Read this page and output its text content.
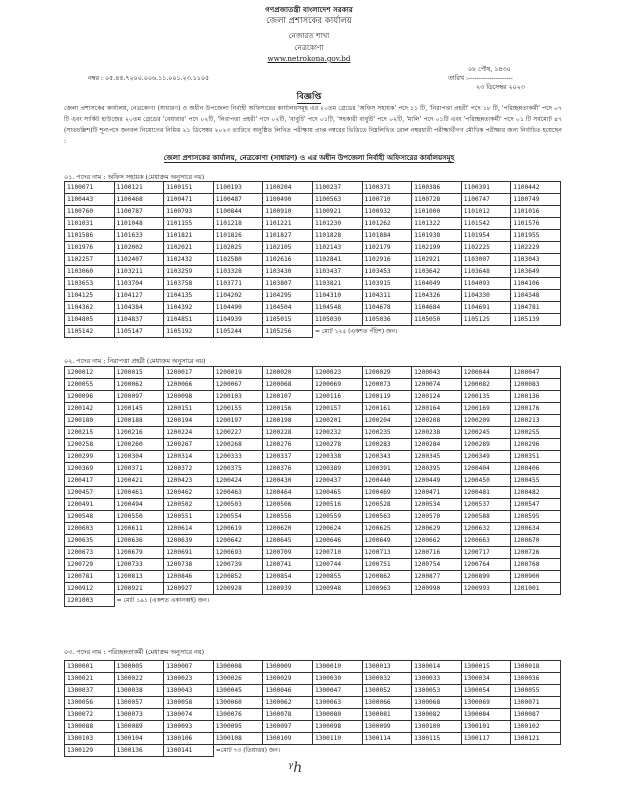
গণপ্রজাতন্ত্রী বাংলাদেশ সরকার
জেলা প্রশাসকের কার্যালয়
নেজারত শাখা
নেত্রকোণা
www.netrokona.gov.bd
০৮ পৌষ, ১৪৩০
নম্বর : ০৫.৪৫.৭২০০.০০৬.১১.০০১.২৩.১১০৫	তারিখ :---------------------
২৩ ডিসেম্বর ২০২৩
বিজ্ঞপ্তি
জেলা প্রশাসকের কার্যালয়, নেত্রকোণা (সাধারণ) ও অধীন উপজেলা নির্বাহী অফিসারের কার্যালয়সমূহ এর ২০তম গ্রেডের 'অফিস সহায়ক' পদে ১১ টি, 'নিরাপত্তা প্রহরী' পদে ১৮ টি, 'পরিচ্ছন্নতাকর্মী' পদে ০৭ টি এবং সার্কিট হাউজের ২০তম গ্রেডের 'বেয়ারার' পদে ০২টি, 'নিরাপত্তা প্রহরী' পদে ০২টি, 'বাবুর্চি' পদে ০১টি, 'সহকারী বাবুর্চি' পদে ০২টি, 'মালি' পদে ০১টি এবং 'পরিচ্ছন্নতাকর্মী' পদে ০১ টি সর্বমোট ৪৭ (সাতচল্লিশ)টি শূন্যপদে জনবল নিয়োগের নিমিত্ত ২১ ডিসেম্বর ২০২৩ তারিখে অনুষ্ঠিত লিখিত পরীক্ষায় প্রাপ্ত নম্বরের ভিত্তিতে নিম্নলিখিত রোল নম্বরধারী পরীক্ষার্থীগণ মৌখিক পরীক্ষার জন্য নির্বাচিত হয়েছেন :
জেলা প্রশাসকের কার্যালয়, নেত্রকোণা (সাধারণ) ও এর অধীন উপজেলা নির্বাহী অফিসারের কার্যালয়সমূহ
০১. পদের নাম : অফিস সহায়ক (মেধাক্রম অনুসারে নয়)
1100071	1100121	1100151	1100193	1100204	1100237	1100371	1100386	1100391	1100442
1100443	1100468	1100471	1100487	1100490	1100563	1100710	1100728	1100747	1100749
1100760	1100787	1100793	1100844	1100910	1100921	1100932	1101000	1101012	1101016
1101031	1101048	1101155	1101218	1101221	1101230	1101262	1101322	1101542	1101576
1101586	1101633	1101821	1101826	1101827	1101828	1101884	1101938	1101954	1101955
1101976	1102002	1102021	1102025	1102105	1102143	1102179	1102199	1102225	1102229
1102257	1102407	1102432	1102580	1102616	1102841	1102916	1102921	1103007	1103043
1103060	1103211	1103259	1103328	1103430	1103437	1103453	1103642	1103648	1103649
1103653	1103704	1103758	1103771	1103807	1103821	1103915	1104049	1104093	1104106
1104125	1104127	1104135	1104202	1104295	1104310	1104311	1104326	1104330	1104348
1104362	1104384	1104392	1104490	1104504	1104548	1104678	1104684	1104691	1104781
1104805	1104837	1104851	1104939	1105015	1105030	1105036	1105050	1105125	1105139
1105142	1105147	1105192	1105244	1105256	= মোট ১২৫ (একশত পঁচিশ) জন।				
০২. পদের নাম : নিরাপত্তা প্রহরী (মেধাক্রম অনুসারে নয়)
1200012	1200015	1200017	1200019	1200020	1200023	1200029	1200043	1200044	1200047
1200055	1200062	1200066	1200067	1200068	1200069	1200073	1200074	1200082	1200083
1200096	1200097	1200098	1200103	1200107	1200116	1200119	1200124	1200135	1200136
1200142	1200145	1200151	1200155	1200156	1200157	1200161	1200164	1200169	1200176
1200180	1200188	1200194	1200197	1200198	1200201	1200204	1200208	1200209	1200213
1200215	1200216	1200224	1200227	1200228	1200232	1200235	1200238	1200245	1200255
1200258	1200260	1200267	1200268	1200276	1200278	1200283	1200284	1200289	1200296
1200299	1200304	1200314	1200333	1200337	1200338	1200343	1200345	1200349	1200351
1200369	1200371	1200372	1200375	1200376	1200389	1200391	1200395	1200404	1200406
1200417	1200421	1200423	1200424	1200430	1200437	1200440	1200449	1200450	1200455
1200457	1200461	1200462	1200463	1200464	1200465	1200469	1200471	1200481	1200482
1200491	1200494	1200502	1200503	1200506	1200516	1200528	1200534	1200537	1200547
1200548	1200550	1200551	1200554	1200556	1200559	1200563	1200570	1200588	1200595
1200603	1200611	1200614	1200619	1200620	1200624	1200625	1200629	1200632	1200634
1200635	1200636	1200639	1200642	1200645	1200646	1200649	1200662	1200663	1200670
1200673	1200679	1200691	1200693	1200709	1200710	1200713	1200716	1200717	1200726
1200729	1200733	1200738	1200739	1200741	1200744	1200751	1200754	1200764	1200768
1200781	1200813	1200846	1200852	1200854	1200855	1200862	1200877	1200899	1200900
1200912	1200921	1200927	1200928	1200939	1200948	1200963	1200990	1200993	1201001
1201003	= মোট ১৯১ (একশত একানব্বই) জন।								
০৩. পদের নাম : পরিচ্ছন্নতাকর্মী (মেধাক্রম অনুসারে নয়)
1300001	1300005	1300007	1300008	1300009	1300010	1300013	1300014	1300015	1300018
1300021	1300022	1300023	1300026	1300029	1300030	1300032	1300033	1300034	1300036
1300037	1300038	1300043	1300045	1300046	1300047	1300052	1300053	1300054	1300055
1300056	1300057	1300058	1300060	1300062	1300063	1300066	1300068	1300069	1300071
1300072	1300073	1300074	1300076	1300078	1300080	1300081	1300082	1300084	1300087
1300088	1300089	1300093	1300095	1300097	1300098	1300099	1300100	1300101	1300102
1300103	1300104	1300106	1300108	1300109	1300110	1300114	1300115	1300117	1300121
1300129	1300136	1300141	=মোট ৭৩ (তিয়াত্তর) জন।						
ᵞh
